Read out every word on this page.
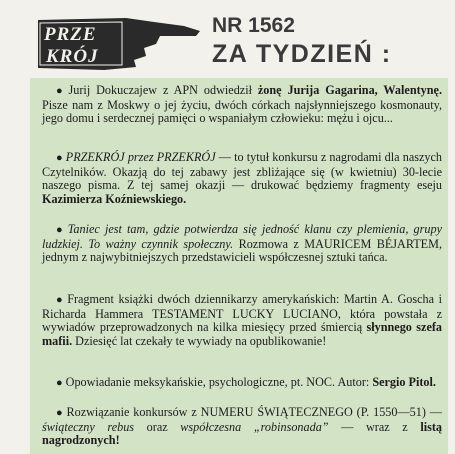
PRZE
KRÓJ
NR 1562
ZA TYDZIEŃ :

● Jurij Dokuczajew z APN odwiedził żonę Jurija Gagarina, Walentynę. Pisze nam z Moskwy o jej życiu, dwóch córkach najsłynniejszego kosmonauty, jego domu i serdecznej pamięci o wspaniałym człowieku: mężu i ojcu...

● PRZEKRÓJ przez PRZEKRÓJ — to tytuł konkursu z nagrodami dla naszych Czytelników. Okazją do tej zabawy jest zbliżające się (w kwietniu) 30-lecie naszego pisma. Z tej samej okazji — drukować będziemy fragmenty eseju Kazimierza Koźniewskiego.

● Taniec jest tam, gdzie potwierdza się jedność klanu czy plemienia, grupy ludzkiej. To ważny czynnik społeczny. Rozmowa z MAURICEM BÉJARTEM, jednym z najwybitniejszych przedstawicieli współczesnej sztuki tańca.

● Fragment książki dwóch dziennikarzy amerykańskich: Martin A. Goscha i Richarda Hammera TESTAMENT LUCKY LUCIANO, która powstała z wywiadów przeprowadzonych na kilka miesięcy przed śmiercią słynnego szefa mafii. Dziesięć lat czekały te wywiady na opublikowanie!

● Opowiadanie meksykańskie, psychologiczne, pt. NOC. Autor: Sergio Pitol.

● Rozwiązanie konkursów z NUMERU ŚWIĄTECZNEGO (P. 1550—51) — świąteczny rebus oraz współczesna „robinsonada” — wraz z listą nagrodzonych!
